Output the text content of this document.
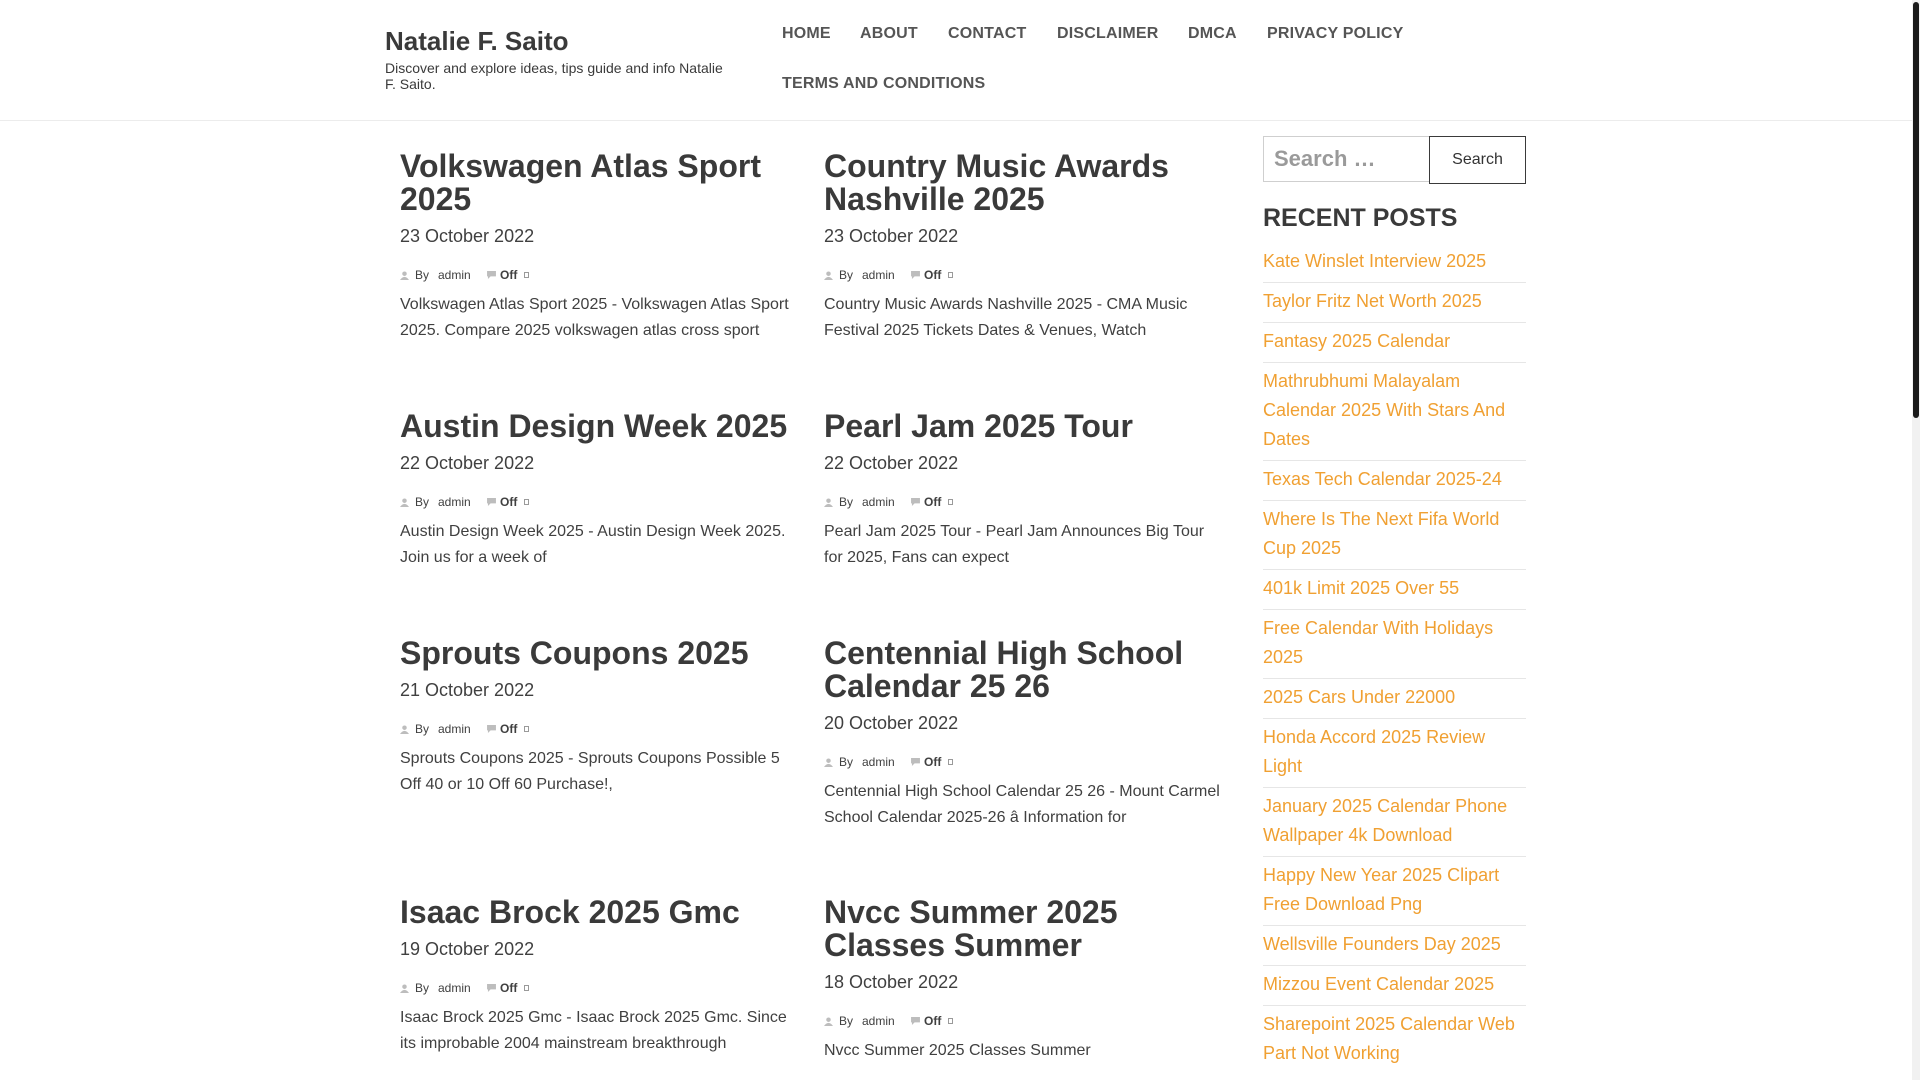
Natalie F. Saito
Discover and explore ideas, tips guide and info Natalie F. Saito.
HOME ABOUT CONTACT DISCLAIMER DMCA PRIVACY POLICY
TERMS AND CONDITIONS
Volkswagen Atlas Sport 2025
23 October 2022
By admin Off
Volkswagen Atlas Sport 2025 - Volkswagen Atlas Sport 2025. Compare 2025 volkswagen atlas cross sport
Country Music Awards Nashville 2025
23 October 2022
By admin Off
Country Music Awards Nashville 2025 - CMA Music Festival 2025 Tickets Dates & Venues, Watch
Austin Design Week 2025
22 October 2022
By admin Off
Austin Design Week 2025 - Austin Design Week 2025. Join us for a week of
Pearl Jam 2025 Tour
22 October 2022
By admin Off
Pearl Jam 2025 Tour - Pearl Jam Announces Big Tour for 2025, Fans can expect
Sprouts Coupons 2025
21 October 2022
By admin Off
Sprouts Coupons 2025 - Sprouts Coupons Possible 5 Off 40 or 10 Off 60 Purchase!,
Centennial High School Calendar 25 26
20 October 2022
By admin Off
Centennial High School Calendar 25 26 - Mount Carmel School Calendar 2025-26 â Information for
Isaac Brock 2025 Gmc
19 October 2022
By admin Off
Isaac Brock 2025 Gmc - Isaac Brock 2025 Gmc. Since its improbable 2004 mainstream breakthrough
Nvcc Summer 2025 Classes Summer
18 October 2022
By admin Off
Nvcc Summer 2025 Classes Summer
Search …
Search
RECENT POSTS
Kate Winslet Interview 2025
Taylor Fritz Net Worth 2025
Fantasy 2025 Calendar
Mathrubhumi Malayalam Calendar 2025 With Stars And Dates
Texas Tech Calendar 2025-24
Where Is The Next Fifa World Cup 2025
401k Limit 2025 Over 55
Free Calendar With Holidays 2025
2025 Cars Under 22000
Honda Accord 2025 Review Light
January 2025 Calendar Phone Wallpaper 4k Download
Happy New Year 2025 Clipart Free Download Png
Wellsville Founders Day 2025
Mizzou Event Calendar 2025
Sharepoint 2025 Calendar Web Part Not Working
